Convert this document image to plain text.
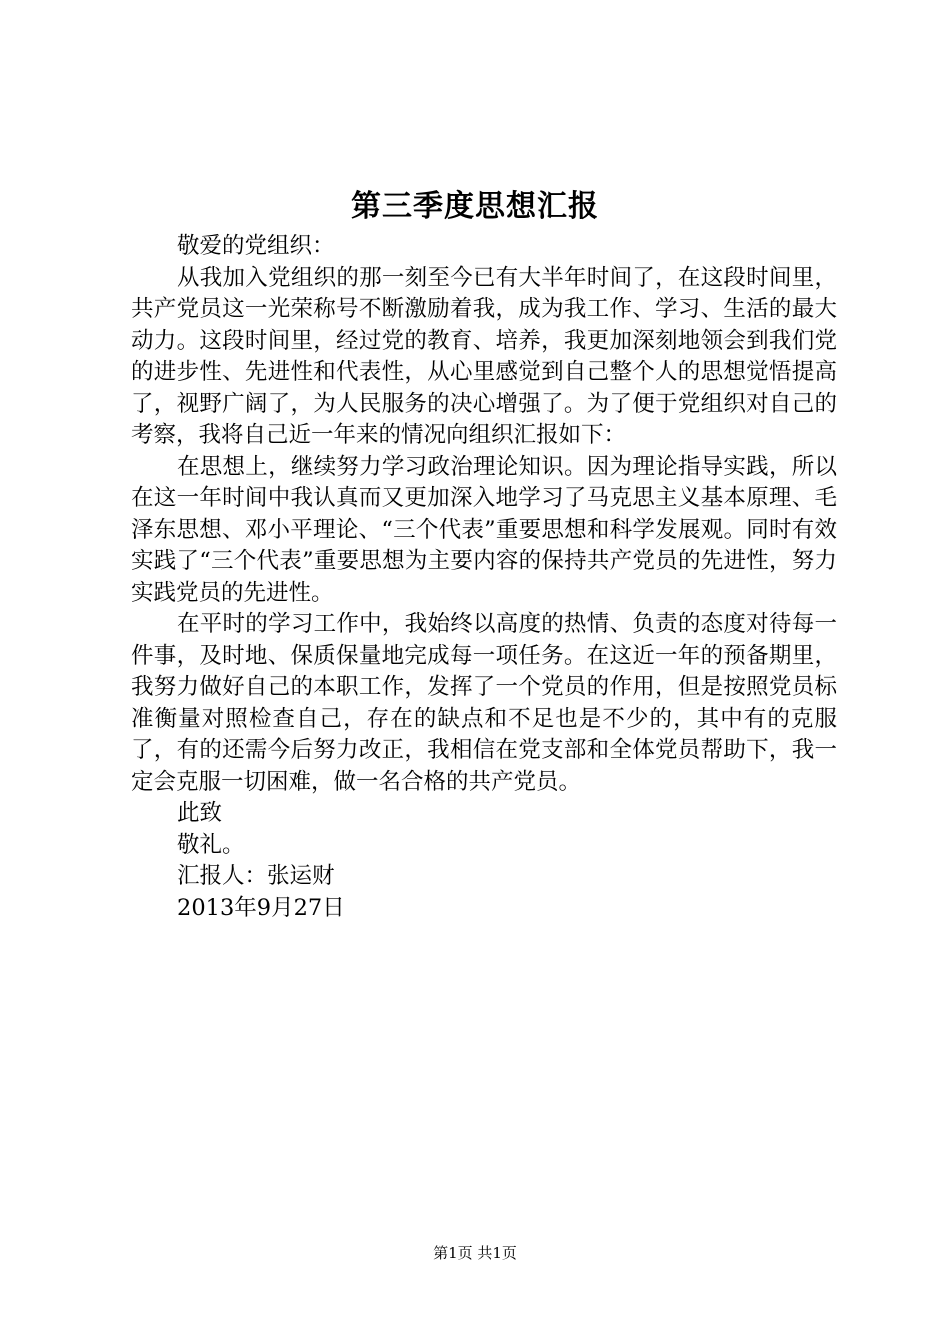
第三季度思想汇报

敬爱的党组织：

从我加入党组织的那一刻至今已有大半年时间了，在这段时间里，共产党员这一光荣称号不断激励着我，成为我工作、学习、生活的最大动力。这段时间里，经过党的教育、培养，我更加深刻地领会到我们党的进步性、先进性和代表性，从心里感觉到自己整个人的思想觉悟提高了，视野广阔了，为人民服务的决心增强了。为了便于党组织对自己的考察，我将自己近一年来的情况向组织汇报如下：

在思想上，继续努力学习政治理论知识。因为理论指导实践，所以在这一年时间中我认真而又更加深入地学习了马克思主义基本原理、毛泽东思想、邓小平理论、“三个代表”重要思想和科学发展观。同时有效实践了“三个代表”重要思想为主要内容的保持共产党员的先进性，努力实践党员的先进性。

在平时的学习工作中，我始终以高度的热情、负责的态度对待每一件事，及时地、保质保量地完成每一项任务。在这近一年的预备期里，我努力做好自己的本职工作，发挥了一个党员的作用，但是按照党员标准衡量对照检查自己，存在的缺点和不足也是不少的，其中有的克服了，有的还需今后努力改正，我相信在党支部和全体党员帮助下，我一定会克服一切困难，做一名合格的共产党员。

此致

敬礼。

汇报人：张运财

2013年9月27日

第1页 共1页
